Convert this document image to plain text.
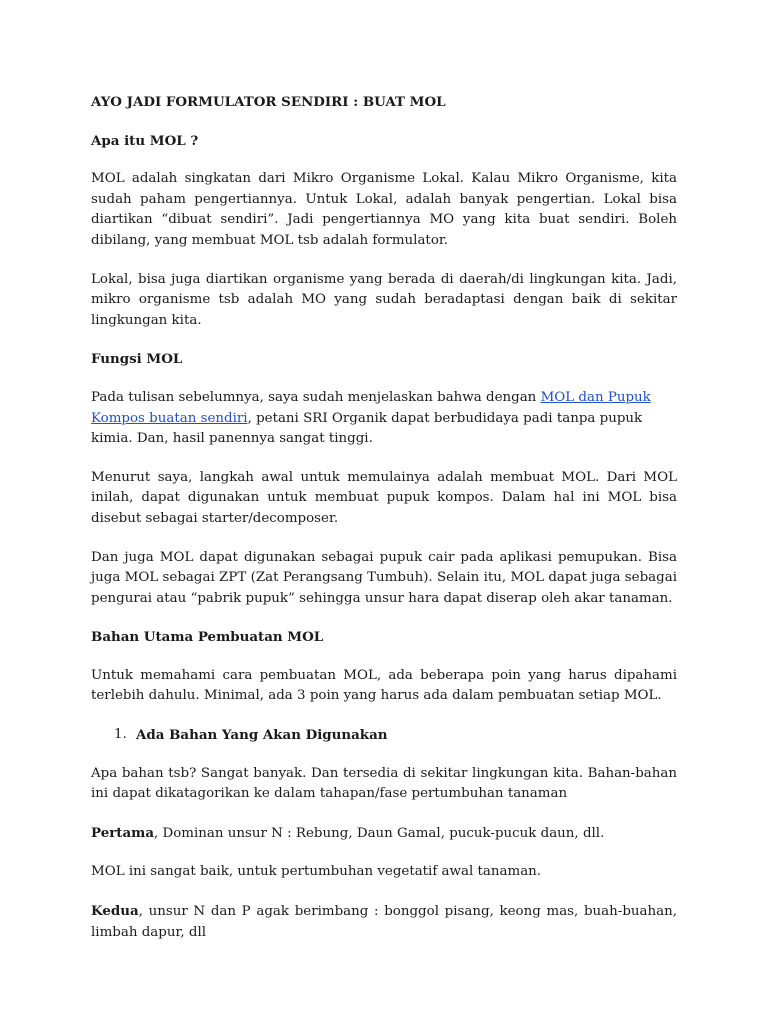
AYO JADI FORMULATOR SENDIRI : BUAT MOL
Apa itu MOL ?

MOL adalah singkatan dari Mikro Organisme Lokal. Kalau Mikro Organisme, kita sudah paham pengertiannya. Untuk Lokal, adalah banyak pengertian. Lokal bisa diartikan “dibuat sendiri”. Jadi pengertiannya MO yang kita buat sendiri. Boleh dibilang, yang membuat MOL tsb adalah formulator.

Lokal, bisa juga diartikan organisme yang berada di daerah/di lingkungan kita. Jadi, mikro organisme tsb adalah MO yang sudah beradaptasi dengan baik di sekitar lingkungan kita.

Fungsi MOL

Pada tulisan sebelumnya, saya sudah menjelaskan bahwa dengan MOL dan Pupuk Kompos buatan sendiri, petani SRI Organik dapat berbudidaya padi tanpa pupuk kimia. Dan, hasil panennya sangat tinggi.

Menurut saya, langkah awal untuk memulainya adalah membuat MOL. Dari MOL inilah, dapat digunakan untuk membuat pupuk kompos. Dalam hal ini MOL bisa disebut sebagai starter/decomposer.

Dan juga MOL dapat digunakan sebagai pupuk cair pada aplikasi pemupukan. Bisa juga MOL sebagai ZPT (Zat Perangsang Tumbuh). Selain itu, MOL dapat juga sebagai pengurai atau “pabrik pupuk” sehingga unsur hara dapat diserap oleh akar tanaman.

Bahan Utama Pembuatan MOL

Untuk memahami cara pembuatan MOL, ada beberapa poin yang harus dipahami terlebih dahulu. Minimal, ada 3 poin yang harus ada dalam pembuatan setiap MOL.

1. Ada Bahan Yang Akan Digunakan

Apa bahan tsb? Sangat banyak. Dan tersedia di sekitar lingkungan kita. Bahan-bahan ini dapat dikatagorikan ke dalam tahapan/fase pertumbuhan tanaman

Pertama, Dominan unsur N : Rebung, Daun Gamal, pucuk-pucuk daun, dll.

MOL ini sangat baik, untuk pertumbuhan vegetatif awal tanaman.

Kedua, unsur N dan P agak berimbang : bonggol pisang, keong mas, buah-buahan, limbah dapur, dll
